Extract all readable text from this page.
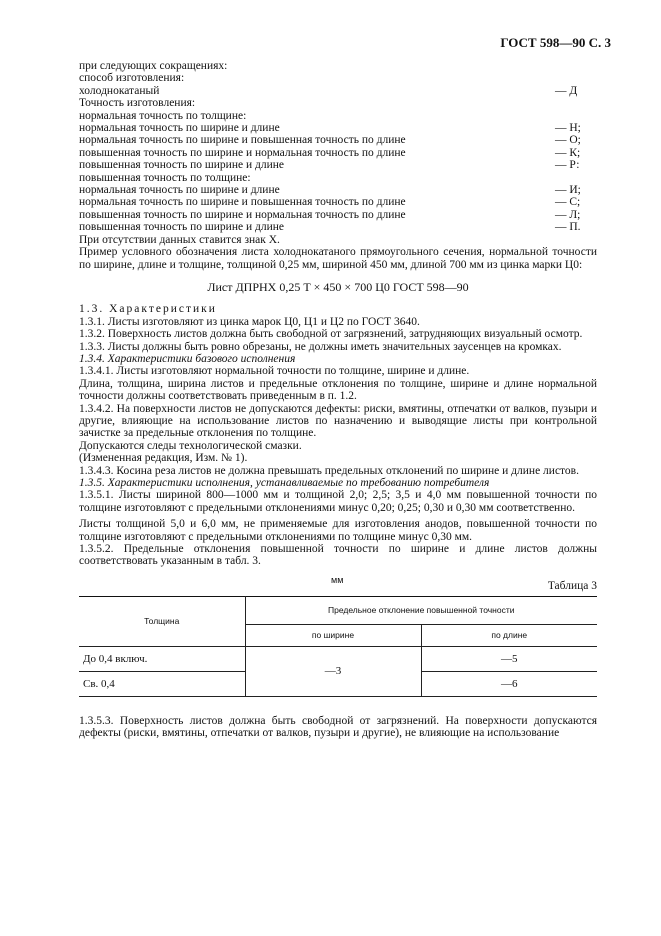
ГОСТ 598—90 С. 3
при следующих сокращениях:
способ изготовления:
холоднокатаный	— Д
Точность изготовления:
нормальная точность по толщине:
нормальная точность по ширине и длине	— Н;
нормальная точность по ширине и повышенная точность по длине	— О;
повышенная точность по ширине и нормальная точность по длине	— К;
повышенная точность по ширине и длине	— Р:
повышенная точность по толщине:
нормальная точность по ширине и длине	— И;
нормальная точность по ширине и повышенная точность по длине	— С;
повышенная точность по ширине и нормальная точность по длине	— Л;
повышенная точность по ширине и длине	— П.
При отсутствии данных ставится знак Х.
Пример условного обозначения листа холоднокатаного прямоугольного сечения, нормальной точности по ширине, длине и толщине, толщиной 0,25 мм, шириной 450 мм, длиной 700 мм из цинка марки Ц0:
Лист ДПРНХ 0,25 Т × 450 × 700 Ц0 ГОСТ 598—90
1.3. Характеристики
1.3.1. Листы изготовляют из цинка марок Ц0, Ц1 и Ц2 по ГОСТ 3640.
1.3.2. Поверхность листов должна быть свободной от загрязнений, затрудняющих визуальный осмотр.
1.3.3. Листы должны быть ровно обрезаны, не должны иметь значительных заусенцев на кромках.
1.3.4. Характеристики базового исполнения
1.3.4.1. Листы изготовляют нормальной точности по толщине, ширине и длине.
Длина, толщина, ширина листов и предельные отклонения по толщине, ширине и длине нормальной точности должны соответствовать приведенным в п. 1.2.
1.3.4.2. На поверхности листов не допускаются дефекты: риски, вмятины, отпечатки от валков, пузыри и другие, влияющие на использование листов по назначению и выводящие листы при контрольной зачистке за предельные отклонения по толщине.
Допускаются следы технологической смазки.
(Измененная редакция, Изм. № 1).
1.3.4.3. Косина реза листов не должна превышать предельных отклонений по ширине и длине листов.
1.3.5. Характеристики исполнения, устанавливаемые по требованию потребителя
1.3.5.1. Листы шириной 800—1000 мм и толщиной 2,0; 2,5; 3,5 и 4,0 мм повышенной точности по толщине изготовляют с предельными отклонениями минус 0,20; 0,25; 0,30 и 0,30 мм соответственно.
Листы толщиной 5,0 и 6,0 мм, не применяемые для изготовления анодов, повышенной точности по толщине изготовляют с предельными отклонениями по толщине минус 0,30 мм.
1.3.5.2. Предельные отклонения повышенной точности по ширине и длине листов должны соответствовать указанным в табл. 3.
мм	Таблица 3
Толщина	Предельное отклонение повышенной точности	
	по ширине	по длине
До 0,4 включ.	—3	—5
Св. 0,4		—6
1.3.5.3. Поверхность листов должна быть свободной от загрязнений. На поверхности допускаются дефекты (риски, вмятины, отпечатки от валков, пузыри и другие), не влияющие на использование
